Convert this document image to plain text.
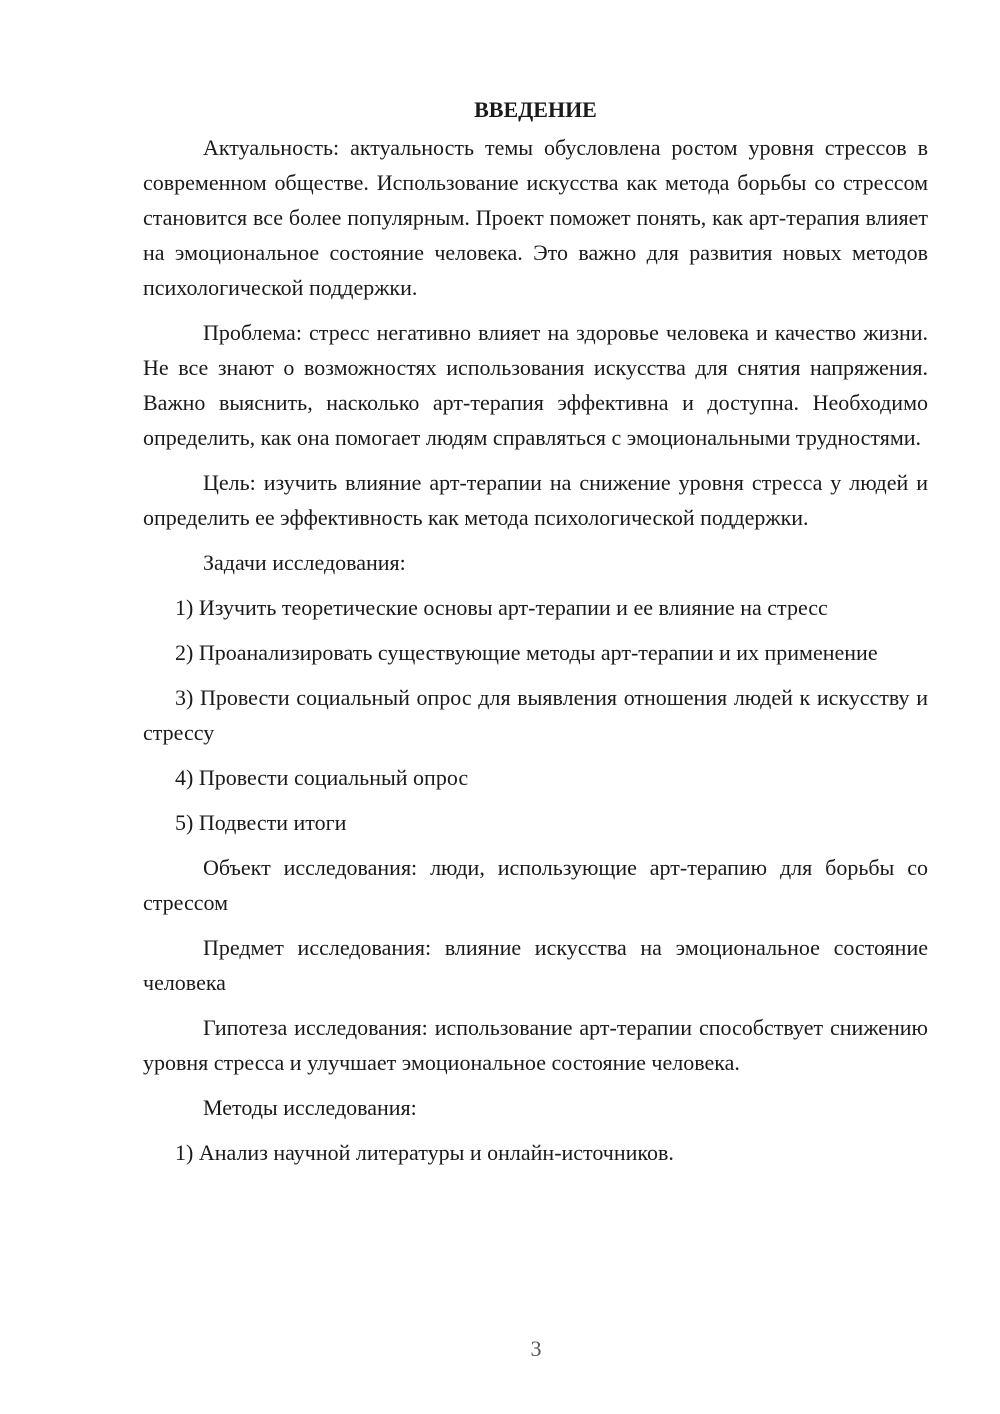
ВВЕДЕНИЕ

Актуальность: актуальность темы обусловлена ростом уровня стрессов в современном обществе. Использование искусства как метода борьбы со стрессом становится все более популярным. Проект поможет понять, как арт-терапия влияет на эмоциональное состояние человека. Это важно для развития новых методов психологической поддержки.

Проблема: стресс негативно влияет на здоровье человека и качество жизни. Не все знают о возможностях использования искусства для снятия напряжения. Важно выяснить, насколько арт-терапия эффективна и доступна. Необходимо определить, как она помогает людям справляться с эмоциональными трудностями.

Цель: изучить влияние арт-терапии на снижение уровня стресса у людей и определить ее эффективность как метода психологической поддержки.

Задачи исследования:

1) Изучить теоретические основы арт-терапии и ее влияние на стресс

2) Проанализировать существующие методы арт-терапии и их применение

3) Провести социальный опрос для выявления отношения людей к искусству и стрессу

4) Провести социальный опрос

5) Подвести итоги

Объект исследования: люди, использующие арт-терапию для борьбы со стрессом

Предмет исследования: влияние искусства на эмоциональное состояние человека

Гипотеза исследования: использование арт-терапии способствует снижению уровня стресса и улучшает эмоциональное состояние человека.

Методы исследования:

1) Анализ научной литературы и онлайн-источников.

3
